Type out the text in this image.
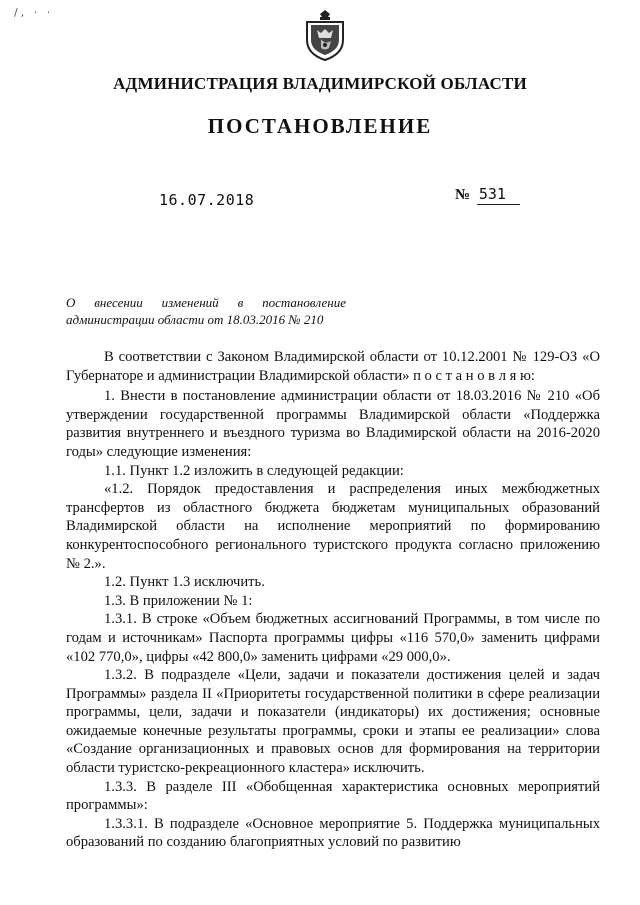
/, · ·
АДМИНИСТРАЦИЯ ВЛАДИМИРСКОЙ ОБЛАСТИ
ПОСТАНОВЛЕНИЕ
16.07.2018	№ 531
О внесении изменений в постановление администрации области от 18.03.2016 № 210

В соответствии с Законом Владимирской области от 10.12.2001 № 129-ОЗ «О Губернаторе и администрации Владимирской области» п о с т а н о в л я ю:

1. Внести в постановление администрации области от 18.03.2016 № 210 «Об утверждении государственной программы Владимирской области «Поддержка развития внутреннего и въездного туризма во Владимирской области на 2016-2020 годы» следующие изменения:

1.1. Пункт 1.2 изложить в следующей редакции:

«1.2. Порядок предоставления и распределения иных межбюджетных трансфертов из областного бюджета бюджетам муниципальных образований Владимирской области на исполнение мероприятий по формированию конкурентоспособного регионального туристского продукта согласно приложению № 2.».

1.2. Пункт 1.3 исключить.

1.3. В приложении № 1:

1.3.1. В строке «Объем бюджетных ассигнований Программы, в том числе по годам и источникам» Паспорта программы цифры «116 570,0» заменить цифрами «102 770,0», цифры «42 800,0» заменить цифрами «29 000,0».

1.3.2. В подразделе «Цели, задачи и показатели достижения целей и задач Программы» раздела II «Приоритеты государственной политики в сфере реализации программы, цели, задачи и показатели (индикаторы) их достижения; основные ожидаемые конечные результаты программы, сроки и этапы ее реализации» слова «Создание организационных и правовых основ для формирования на территории области туристско-рекреационного кластера» исключить.

1.3.3. В разделе III «Обобщенная характеристика основных мероприятий программы»:

1.3.3.1. В подразделе «Основное мероприятие 5. Поддержка муниципальных образований по созданию благоприятных условий по развитию
